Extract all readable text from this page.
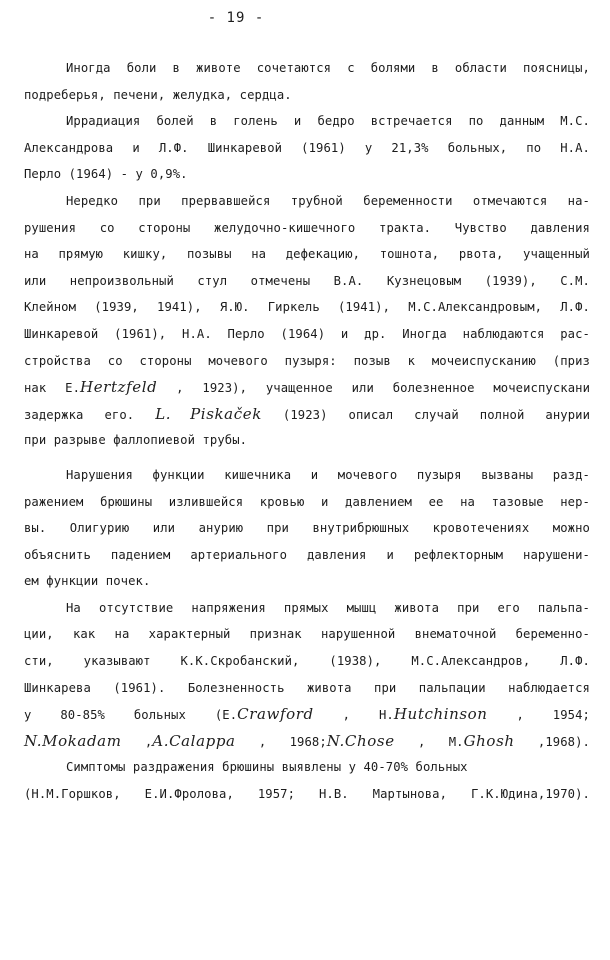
- 19 -
Иногда боли в животе сочетаются с болями в области поясницы,
подреберья, печени, желудка, сердца.
Иррадиация болей в голень и бедро встречается по данным М.С.
Александрова и Л.Ф. Шинкаревой (1961) у 21,3% больных, по Н.А.
Перло (1964) - у 0,9%.
Нередко при прервавшейся трубной беременности отмечаются на-
рушения со стороны желудочно-кишечного тракта. Чувство давления
на прямую кишку, позывы на дефекацию, тошнота, рвота, учащенный
или непроизвольный стул отмечены В.А. Кузнецовым (1939), С.М.
Клейном (1939, 1941), Я.Ю. Гиркель (1941), М.С.Александровым, Л.Ф.
Шинкаревой (1961), Н.А. Перло (1964) и др. Иногда наблюдаются рас-
стройства со стороны мочевого пузыря: позыв к мочеиспусканию (приз
нак Е.Hertzfeld , 1923), учащенное или болезненное мочеиспускани
задержка его. L. Piskaček (1923) описал случай полной анурии
при разрыве фаллопиевой трубы.
Нарушения функции кишечника и мочевого пузыря вызваны разд-
ражением брюшины излившейся кровью и давлением ее на тазовые нер-
вы. Олигурию или анурию при внутрибрюшных кровотечениях можно
объяснить падением артериального давления и рефлекторным нарушени-
ем функции почек.
На отсутствие напряжения прямых мышц живота при его пальпа-
ции, как на характерный признак нарушенной внематочной беременно-
сти, указывают К.К.Скробанский, (1938), М.С.Александров, Л.Ф.
Шинкарева (1961). Болезненность живота при пальпации наблюдается
у 80-85% больных (Е.Crawford , Н.Hutchinson , 1954;
N.Mokadam ,A.Calappa , 1968;N.Chose , М.Ghosh ,1968).
Симптомы раздражения брюшины выявлены у 40-70% больных
(Н.М.Горшков, Е.И.Фролова, 1957; Н.В. Мартынова, Г.К.Юдина,1970).
